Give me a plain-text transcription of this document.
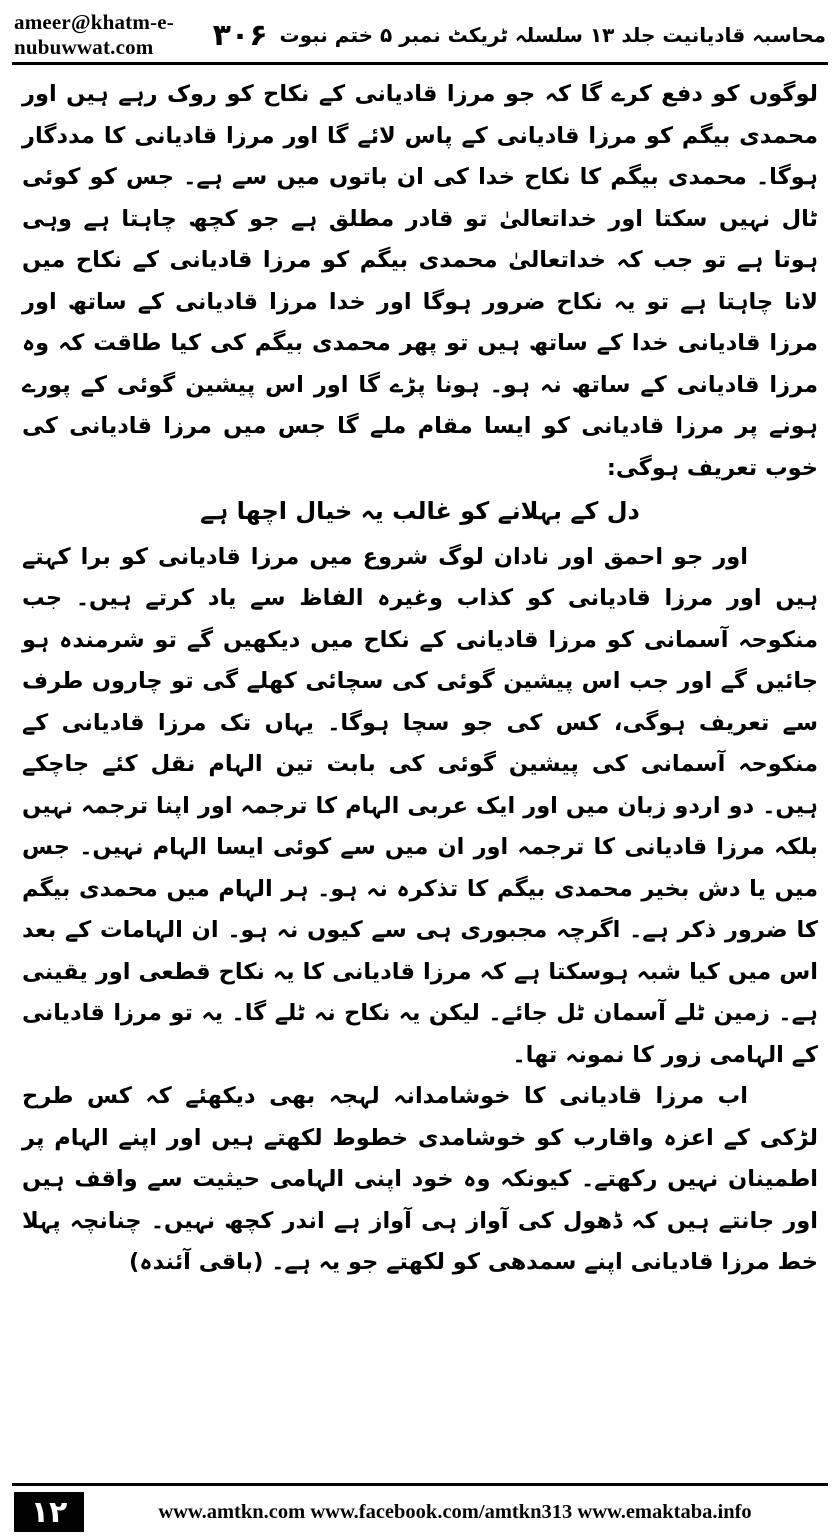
ameer@khatm-e-nubuwwat.com	محاسبہ قادیانیت جلد ۱۳ سلسلہ ٹریکٹ نمبر ۵ ختم نبوت
۳۰۶

لوگوں کو دفع کرے گا کہ جو مرزا قادیانی کے نکاح کو روک رہے ہیں اور محمدی بیگم کو مرزا قادیانی کے پاس لائے گا اور مرزا قادیانی کا مددگار ہوگا۔ محمدی بیگم کا نکاح خدا کی ان باتوں میں سے ہے۔ جس کو کوئی ٹال نہیں سکتا اور خداتعالیٰ تو قادر مطلق ہے جو کچھ چاہتا ہے وہی ہوتا ہے تو جب کہ خداتعالیٰ محمدی بیگم کو مرزا قادیانی کے نکاح میں لانا چاہتا ہے تو یہ نکاح ضرور ہوگا اور خدا مرزا قادیانی کے ساتھ اور مرزا قادیانی خدا کے ساتھ ہیں تو پھر محمدی بیگم کی کیا طاقت کہ وہ مرزا قادیانی کے ساتھ نہ ہو۔ ہونا پڑے گا اور اس پیشین گوئی کے پورے ہونے پر مرزا قادیانی کو ایسا مقام ملے گا جس میں مرزا قادیانی کی خوب تعریف ہوگی:

دل کے بہلانے کو غالب یہ خیال اچھا ہے

اور جو احمق اور نادان لوگ شروع میں مرزا قادیانی کو برا کہتے ہیں اور مرزا قادیانی کو کذاب وغیرہ الفاظ سے یاد کرتے ہیں۔ جب منکوحہ آسمانی کو مرزا قادیانی کے نکاح میں دیکھیں گے تو شرمندہ ہو جائیں گے اور جب اس پیشین گوئی کی سچائی کھلے گی تو چاروں طرف سے تعریف ہوگی، کس کی جو سچا ہوگا۔ یہاں تک مرزا قادیانی کے منکوحہ آسمانی کی پیشین گوئی کی بابت تین الہام نقل کئے جاچکے ہیں۔ دو اردو زبان میں اور ایک عربی الہام کا ترجمہ اور اپنا ترجمہ نہیں بلکہ مرزا قادیانی کا ترجمہ اور ان میں سے کوئی ایسا الہام نہیں۔ جس میں یا دش بخیر محمدی بیگم کا تذکرہ نہ ہو۔ ہر الہام میں محمدی بیگم کا ضرور ذکر ہے۔ اگرچہ مجبوری ہی سے کیوں نہ ہو۔ ان الہامات کے بعد اس میں کیا شبہ ہوسکتا ہے کہ مرزا قادیانی کا یہ نکاح قطعی اور یقینی ہے۔ زمین ٹلے آسمان ٹل جائے۔ لیکن یہ نکاح نہ ٹلے گا۔ یہ تو مرزا قادیانی کے الہامی زور کا نمونہ تھا۔

اب مرزا قادیانی کا خوشامدانہ لہجہ بھی دیکھئے کہ کس طرح لڑکی کے اعزہ واقارب کو خوشامدی خطوط لکھتے ہیں اور اپنے الہام پر اطمینان نہیں رکھتے۔ کیونکہ وہ خود اپنی الہامی حیثیت سے واقف ہیں اور جانتے ہیں کہ ڈھول کی آواز ہی آواز ہے اندر کچھ نہیں۔ چنانچہ پہلا خط مرزا قادیانی اپنے سمدھی کو لکھتے جو یہ ہے۔ (باقی آئندہ)

۱۲	www.amtkn.com www.facebook.com/amtkn313 www.emaktaba.info
